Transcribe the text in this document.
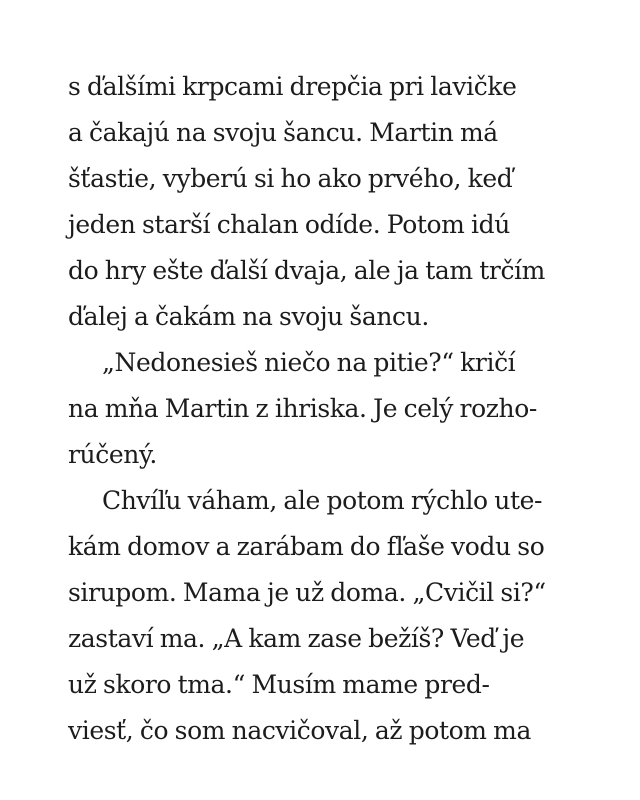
s ďalšími krpcami drepčia pri lavičke
a čakajú na svoju šancu. Martin má
šťastie, vyberú si ho ako prvého, keď
jeden starší chalan odíde. Potom idú
do hry ešte ďalší dvaja, ale ja tam trčím
ďalej a čakám na svoju šancu.
„Nedonesieš niečo na pitie?“ kričí
na mňa Martin z ihriska. Je celý rozho-
rúčený.
Chvíľu váham, ale potom rýchlo ute-
kám domov a zarábam do fľaše vodu so
sirupom. Mama je už doma. „Cvičil si?“
zastaví ma. „A kam zase bežíš? Veď je
už skoro tma.“ Musím mame pred-
viesť, čo som nacvičoval, až potom ma
